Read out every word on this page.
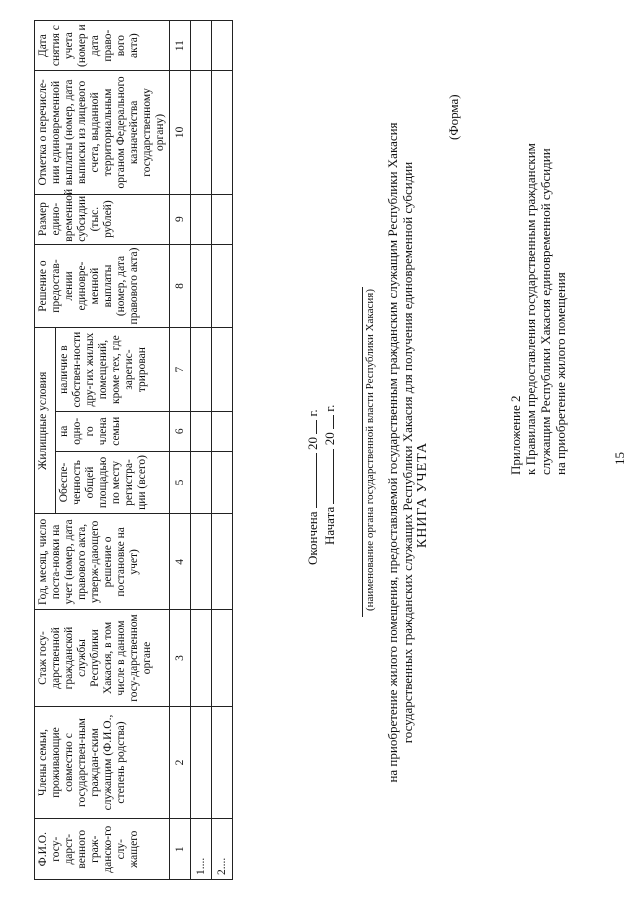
15
Приложение 2 к Правилам предоставления государственным гражданским служащим Республики Хакасия единовременной субсидии на приобретение жилого помещения
(Форма)
КНИГА УЧЕТА
государственных гражданских служащих Республики Хакасия для получения единовременной субсидии
на приобретение жилого помещения, предоставляемой государственным гражданским служащим Республики Хакасия
(наименование органа государственной власти Республики Хакасия)
Начата  20  г.
Окончена  20  г.
Ф.И.О. госу-дарст-венного граж-данско-го слу-жащего	Члены семьи, проживающие совместно с государствен-ным граждан-ским служащим (Ф.И.О., степень родства)	Стаж госу-дарственной гражданской службы Республики Хакасия, в том числе в данном госу-дарственном органе	Год, месяц, число поста-новки на учет (номер, дата правового акта, утверж-дающего решение о постановке на учет)	Жилищные условия			Решение о предостав-лении единовре-менной выплаты (номер, дата правового акта)	Размер едино-временной субсидии (тыс. рублей)	Отметка о перечисле-нии единовременной выплаты (номер, дата выписки из лицевого счета, выданной территориальным органом Федерального казначейства государственному органу)	Дата снятия с учета (номер и дата право-вого акта)
				Обеспе-ченность общей площадью по месту регистра-ции (всего)	на одно-го члена семьи	наличие в собствен-ности дру-гих жилых помещений, кроме тех, где зарегис-трирован				
1	2	3	4	5	6	7	8	9	10	11
1....										
2....										
